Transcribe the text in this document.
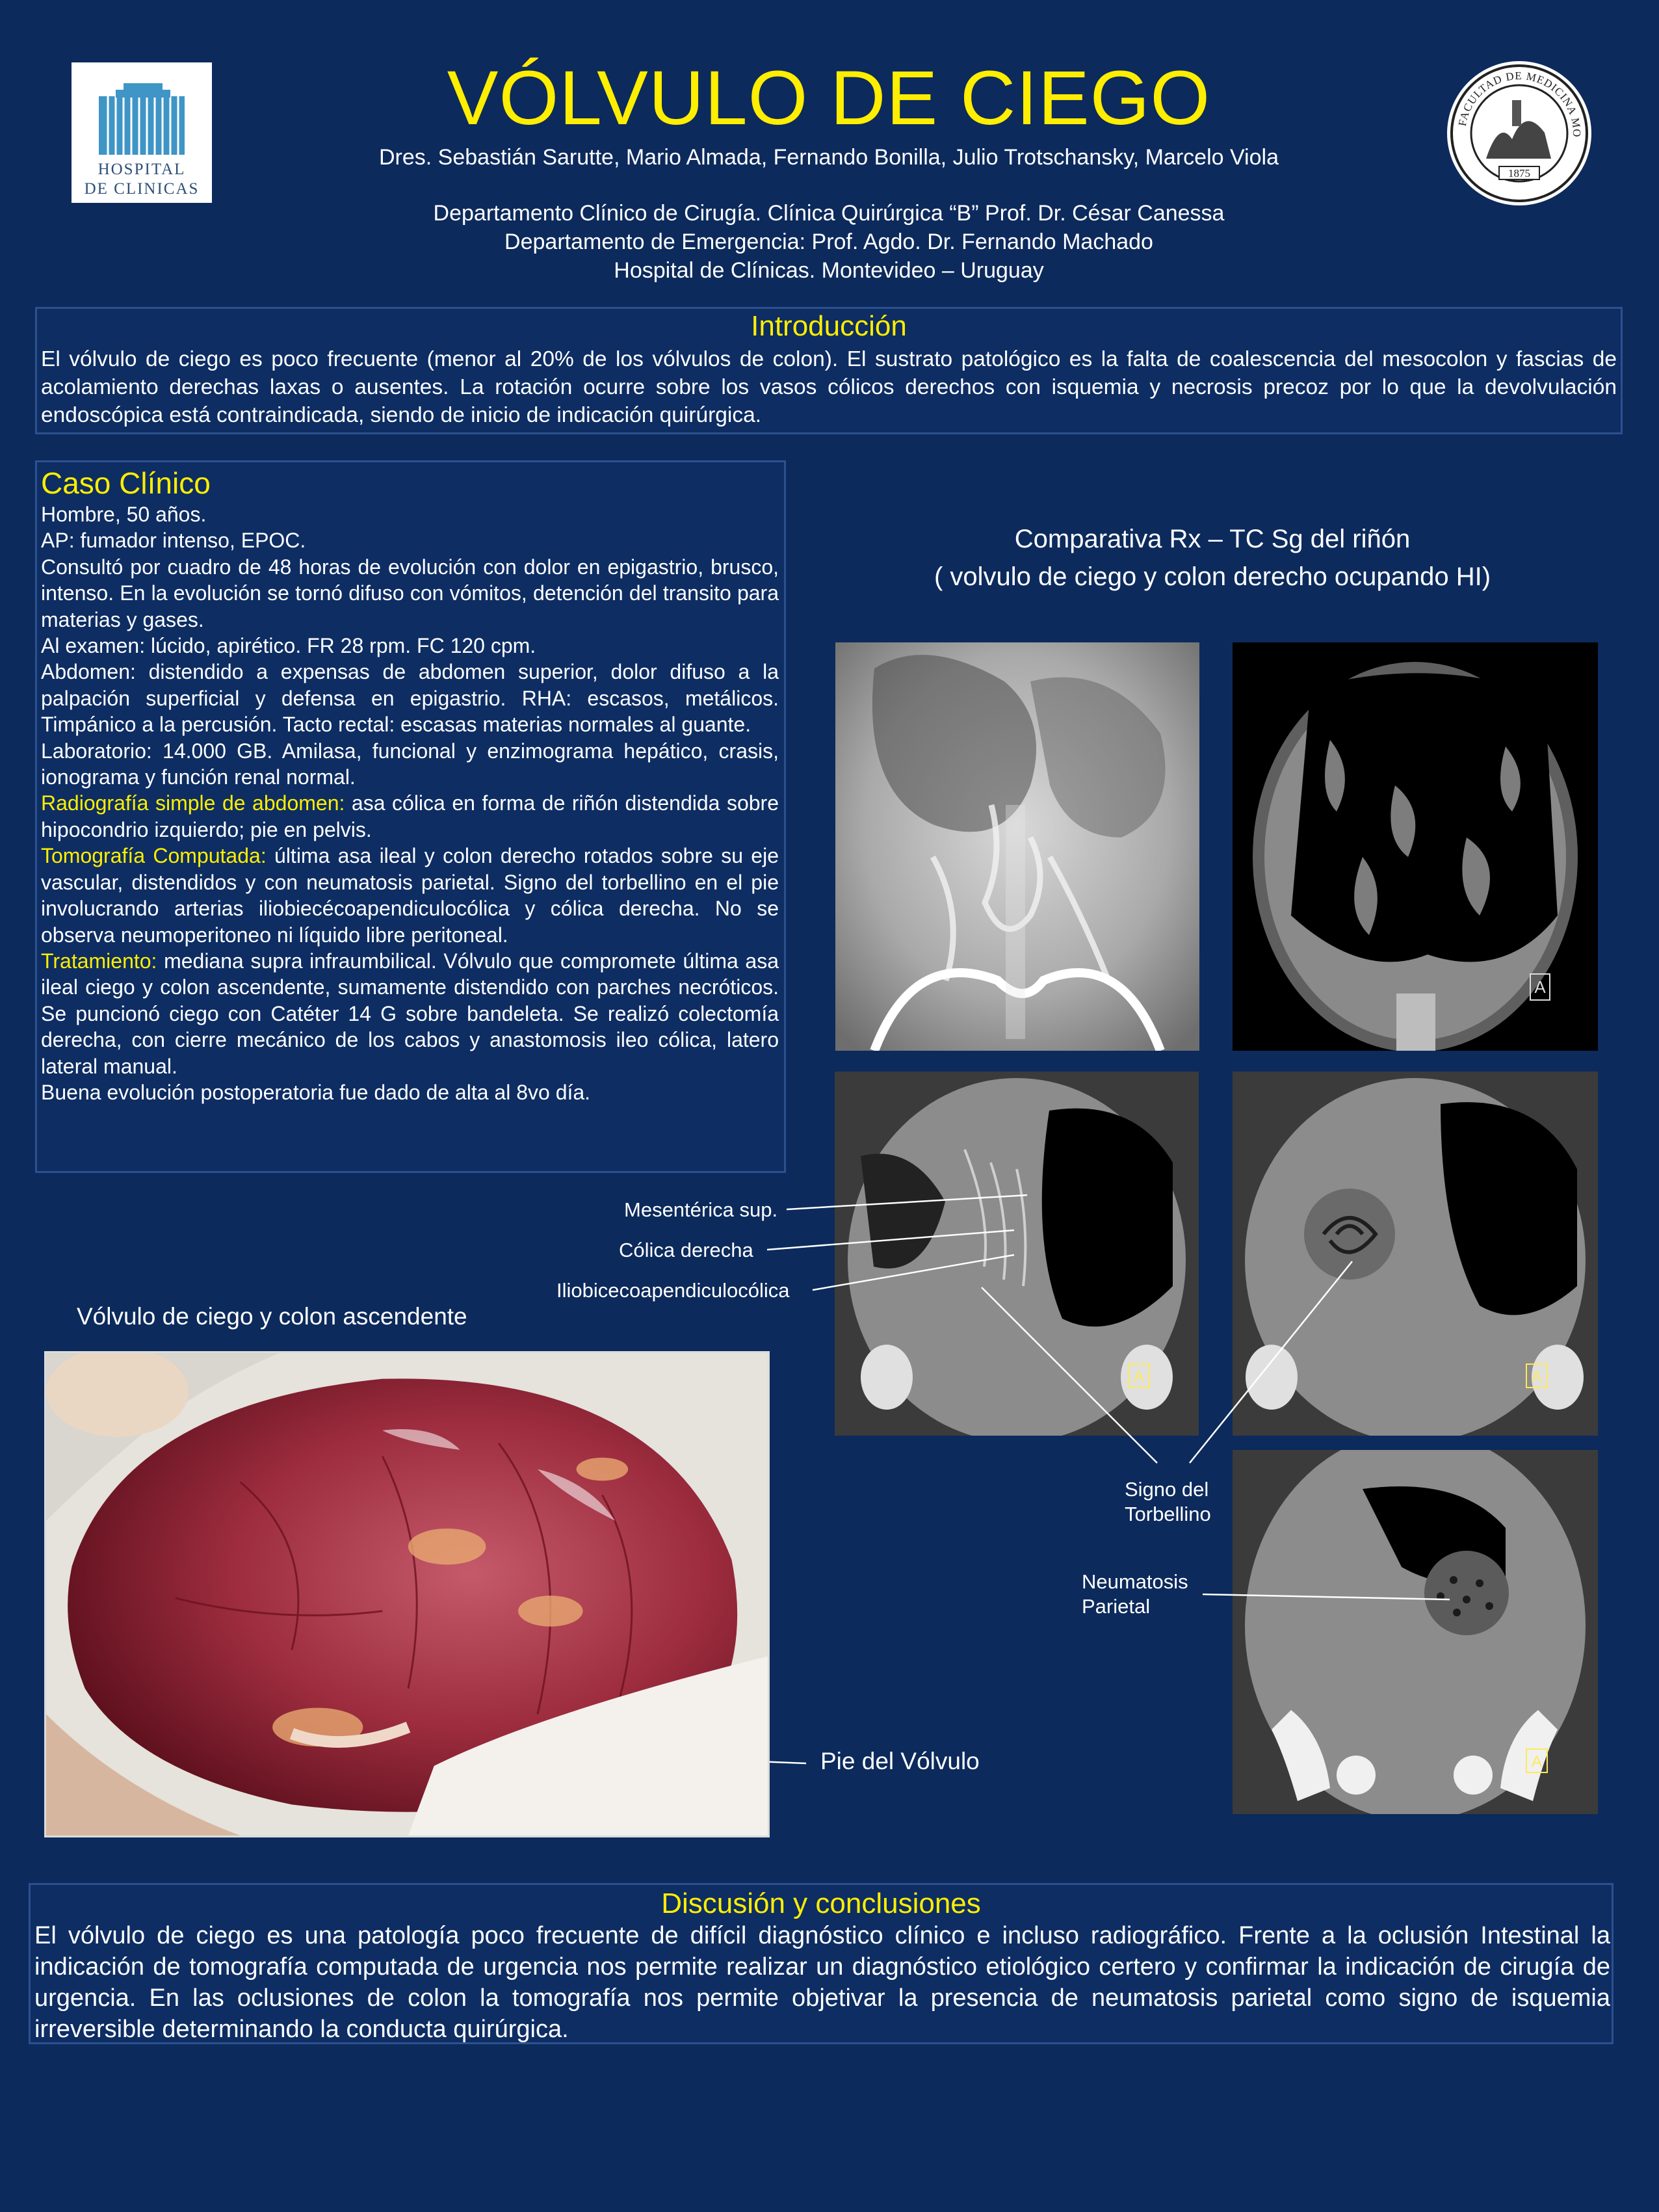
HOSPITAL
DE CLINICAS
VÓLVULO DE CIEGO
Dres. Sebastián Sarutte, Mario Almada, Fernando Bonilla, Julio Trotschansky, Marcelo Viola
Departamento Clínico de Cirugía. Clínica Quirúrgica “B” Prof. Dr. César Canessa
Departamento de Emergencia: Prof. Agdo. Dr. Fernando Machado
Hospital de Clínicas. Montevideo – Uruguay
FACULTAD DE MEDICINA MO
1875
Introducción
El vólvulo de ciego es poco frecuente (menor al 20% de los vólvulos de colon). El sustrato patológico es la falta de coalescencia del mesocolon y fascias de acolamiento derechas laxas o ausentes. La rotación ocurre sobre los vasos cólicos derechos con isquemia y necrosis precoz por lo que la devolvulación endoscópica está contraindicada, siendo de inicio de indicación quirúrgica.
Caso Clínico

Hombre, 50 años.

AP: fumador intenso, EPOC.

Consultó por cuadro de 48 horas de evolución con dolor en epigastrio, brusco, intenso. En la evolución se tornó difuso con vómitos, detención del transito para materias y gases.

Al examen: lúcido, apirético. FR 28 rpm. FC 120 cpm.

Abdomen: distendido a expensas de abdomen superior, dolor difuso a la palpación superficial y defensa en epigastrio. RHA: escasos, metálicos. Timpánico a la percusión. Tacto rectal: escasas materias normales al guante.

Laboratorio: 14.000 GB. Amilasa, funcional y enzimograma hepático, crasis, ionograma y función renal normal.

Radiografía simple de abdomen: asa cólica en forma de riñón distendida sobre hipocondrio izquierdo; pie en pelvis.

Tomografía Computada: última asa ileal y colon derecho rotados sobre su eje vascular, distendidos y con neumatosis parietal. Signo del torbellino en el pie involucrando arterias iliobiecécoapendiculocólica y cólica derecha. No se observa neumoperitoneo ni líquido libre peritoneal.

Tratamiento: mediana supra infraumbilical. Vólvulo que compromete última asa ileal ciego y colon ascendente, sumamente distendido con parches necróticos. Se puncionó ciego con Catéter 14 G sobre bandeleta. Se realizó colectomía derecha, con cierre mecánico de los cabos y anastomosis ileo cólica, latero lateral manual.

Buena evolución postoperatoria fue dado de alta al 8vo día.

Comparativa Rx – TC Sg del riñón
( volvulo de ciego y colon derecho ocupando HI)
A
A	A
A
Mesentérica sup.
Cólica derecha
Iliobicecoapendiculocólica
Signo del
Torbellino
Neumatosis
Parietal
Vólvulo de ciego y colon ascendente
Pie del Vólvulo
Discusión y conclusiones
El vólvulo de ciego es una patología poco frecuente de difícil diagnóstico clínico e incluso radiográfico. Frente a la oclusión Intestinal la indicación de tomografía computada de urgencia nos permite realizar un diagnóstico etiológico certero y confirmar la indicación de cirugía de urgencia. En las oclusiones de colon la tomografía nos permite objetivar la presencia de neumatosis parietal como signo de isquemia irreversible determinando la conducta quirúrgica.
